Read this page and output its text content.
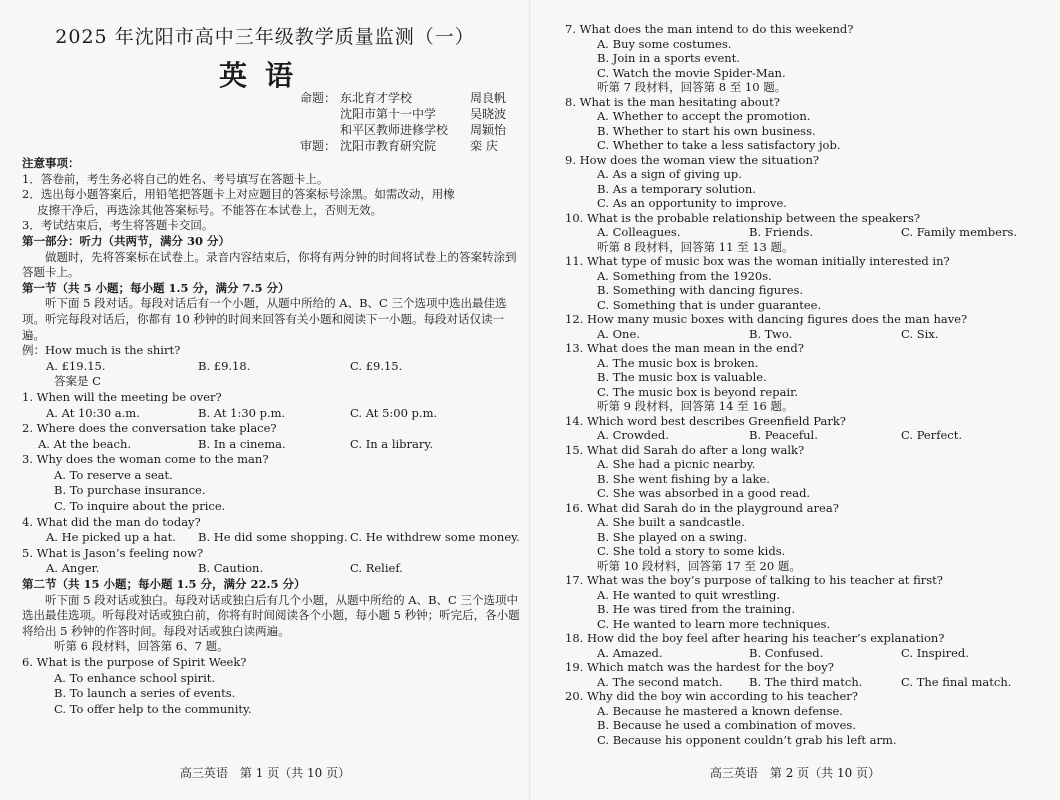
2025 年沈阳市高中三年级教学质量监测（一）
英语
命题： 东北育才学校	周良帆
沈阳市第十一中学	吴晓波
和平区教师进修学校	周颖怡
审题： 沈阳市教育研究院	栾 庆
注意事项：
1．答卷前，考生务必将自己的姓名、考号填写在答题卡上。
2．选出每小题答案后，用铅笔把答题卡上对应题目的答案标号涂黑。如需改动，用橡
　 皮擦干净后，再选涂其他答案标号。不能答在本试卷上，否则无效。
3．考试结束后，考生将答题卡交回。
第一部分：听力（共两节，满分 30 分）
做题时，先将答案标在试卷上。录音内容结束后，你将有两分钟的时间将试卷上的答案转涂到答题卡上。
第一节（共 5 小题；每小题 1.5 分，满分 7.5 分）
听下面 5 段对话。每段对话后有一个小题，从题中所给的 A、B、C 三个选项中选出最佳选项。听完每段对话后，你都有 10 秒钟的时间来回答有关小题和阅读下一小题。每段对话仅读一遍。
例：How much is the shirt?
A. £19.15.	B. £9.18.	C. £9.15.
答案是 C
1. When will the meeting be over?
A. At 10:30 a.m.	B. At 1:30 p.m.	C. At 5:00 p.m.
2. Where does the conversation take place?
A. At the beach.	B. In a cinema.	C. In a library.
3. Why does the woman come to the man?
A. To reserve a seat.
B. To purchase insurance.
C. To inquire about the price.
4. What did the man do today?
A. He picked up a hat.	B. He did some shopping. C. He withdrew some money.
5. What is Jason’s feeling now?
A. Anger.	B. Caution.	C. Relief.
第二节（共 15 小题；每小题 1.5 分，满分 22.5 分）
听下面 5 段对话或独白。每段对话或独白后有几个小题，从题中所给的 A、B、C 三个选项中选出最佳选项。听每段对话或独白前，你将有时间阅读各个小题，每小题 5 秒钟；听完后，各小题将给出 5 秒钟的作答时间。每段对话或独白读两遍。
听第 6 段材料，回答第 6、7 题。
6. What is the purpose of Spirit Week?
A. To enhance school spirit.
B. To launch a series of events.
C. To offer help to the community.
高三英语　第 1 页（共 10 页）	高三英语　第 2 页（共 10 页）
7. What does the man intend to do this weekend?
A. Buy some costumes.
B. Join in a sports event.
C. Watch the movie Spider-Man.
听第 7 段材料，回答第 8 至 10 题。
8. What is the man hesitating about?
A. Whether to accept the promotion.
B. Whether to start his own business.
C. Whether to take a less satisfactory job.
9. How does the woman view the situation?
A. As a sign of giving up.
B. As a temporary solution.
C. As an opportunity to improve.
10. What is the probable relationship between the speakers?
A. Colleagues.	B. Friends.	C. Family members.
听第 8 段材料，回答第 11 至 13 题。
11. What type of music box was the woman initially interested in?
A. Something from the 1920s.
B. Something with dancing figures.
C. Something that is under guarantee.
12. How many music boxes with dancing figures does the man have?
A. One.	B. Two.	C. Six.
13. What does the man mean in the end?
A. The music box is broken.
B. The music box is valuable.
C. The music box is beyond repair.
听第 9 段材料，回答第 14 至 16 题。
14. Which word best describes Greenfield Park?
A. Crowded.	B. Peaceful.	C. Perfect.
15. What did Sarah do after a long walk?
A. She had a picnic nearby.
B. She went fishing by a lake.
C. She was absorbed in a good read.
16. What did Sarah do in the playground area?
A. She built a sandcastle.
B. She played on a swing.
C. She told a story to some kids.
听第 10 段材料，回答第 17 至 20 题。
17. What was the boy’s purpose of talking to his teacher at first?
A. He wanted to quit wrestling.
B. He was tired from the training.
C. He wanted to learn more techniques.
18. How did the boy feel after hearing his teacher’s explanation?
A. Amazed.	B. Confused.	C. Inspired.
19. Which match was the hardest for the boy?
A. The second match.	B. The third match.	C. The final match.
20. Why did the boy win according to his teacher?
A. Because he mastered a known defense.
B. Because he used a combination of moves.
C. Because his opponent couldn’t grab his left arm.
